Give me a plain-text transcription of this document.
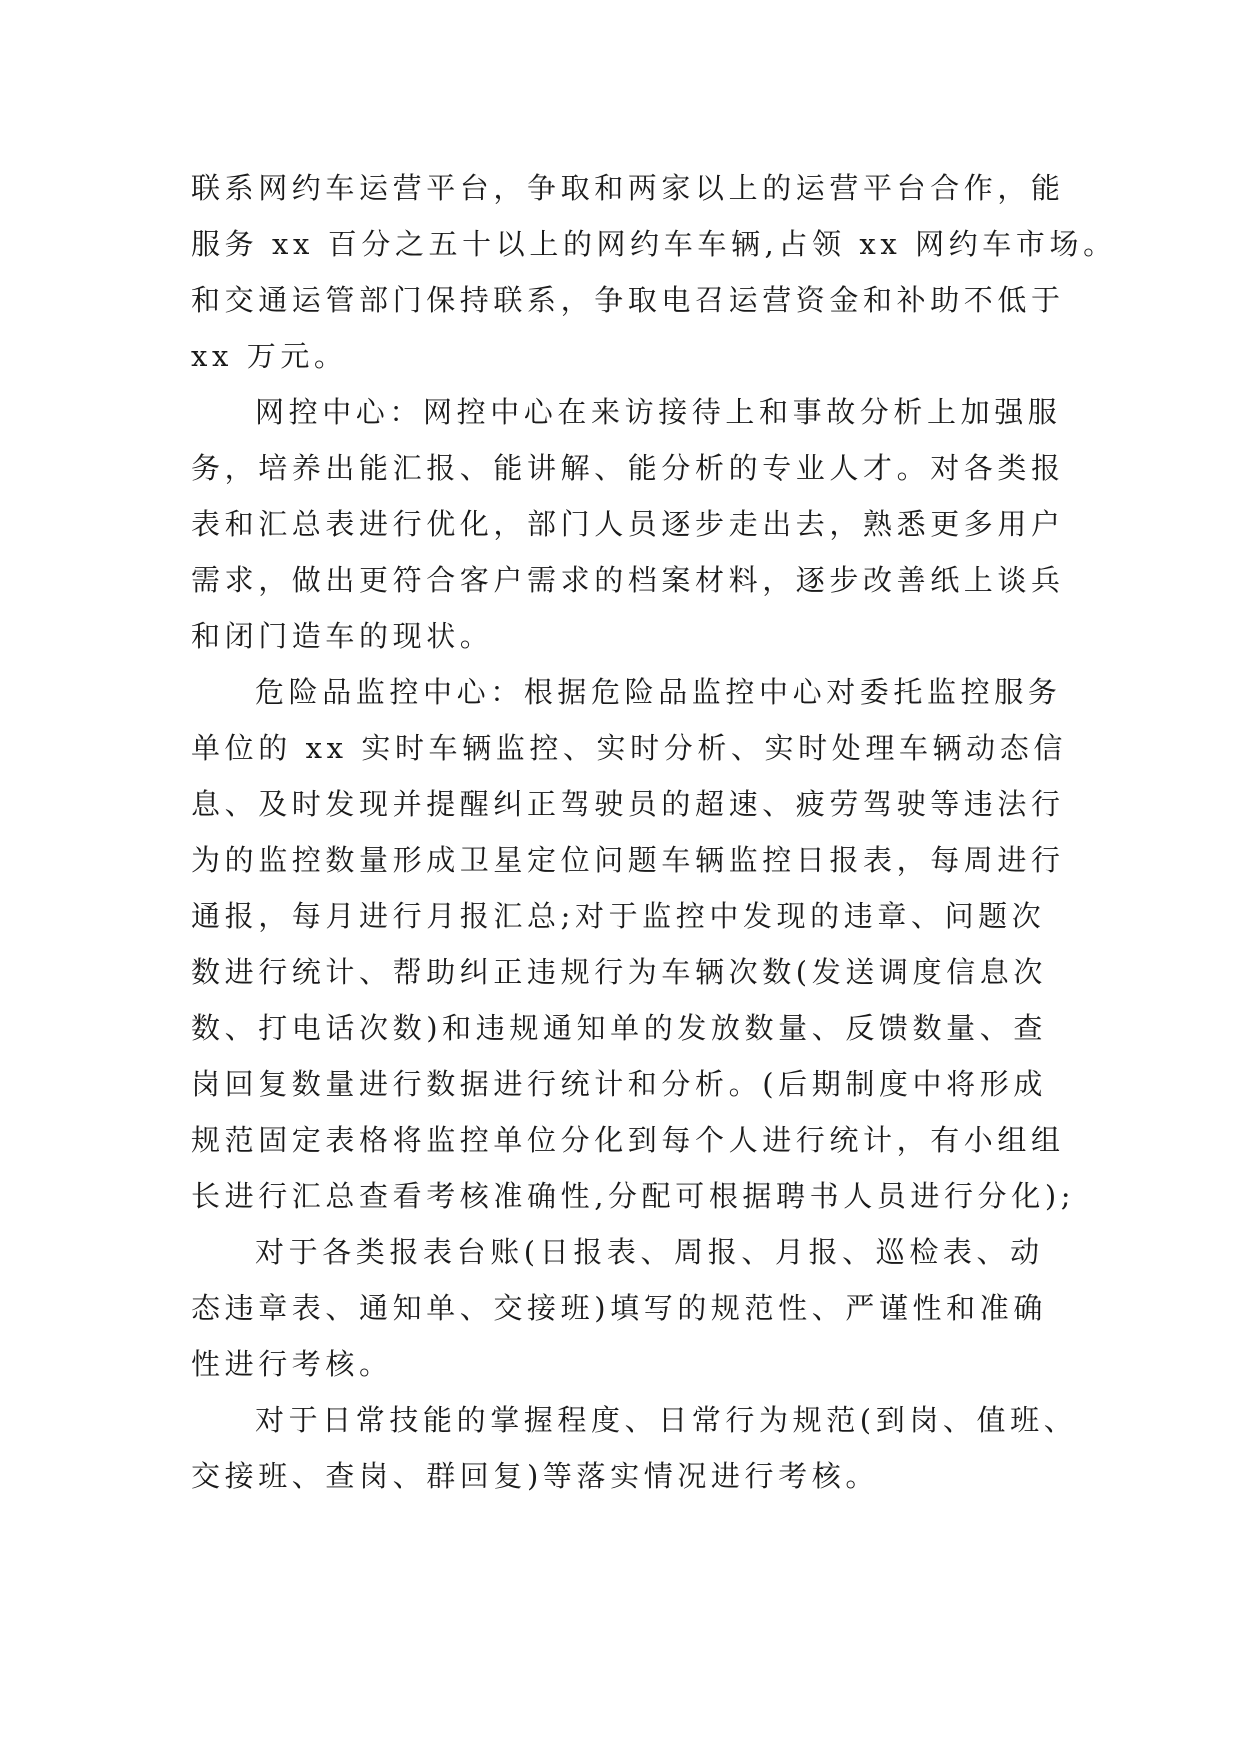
联系网约车运营平台，争取和两家以上的运营平台合作，能
服务 xx 百分之五十以上的网约车车辆,占领 xx 网约车市场。
和交通运管部门保持联系，争取电召运营资金和补助不低于
xx 万元。
网控中心：网控中心在来访接待上和事故分析上加强服
务，培养出能汇报、能讲解、能分析的专业人才。对各类报
表和汇总表进行优化，部门人员逐步走出去，熟悉更多用户
需求，做出更符合客户需求的档案材料，逐步改善纸上谈兵
和闭门造车的现状。
危险品监控中心：根据危险品监控中心对委托监控服务
单位的 xx 实时车辆监控、实时分析、实时处理车辆动态信
息、及时发现并提醒纠正驾驶员的超速、疲劳驾驶等违法行
为的监控数量形成卫星定位问题车辆监控日报表，每周进行
通报，每月进行月报汇总;对于监控中发现的违章、问题次
数进行统计、帮助纠正违规行为车辆次数(发送调度信息次
数、打电话次数)和违规通知单的发放数量、反馈数量、查
岗回复数量进行数据进行统计和分析。(后期制度中将形成
规范固定表格将监控单位分化到每个人进行统计，有小组组
长进行汇总查看考核准确性,分配可根据聘书人员进行分化);
对于各类报表台账(日报表、周报、月报、巡检表、动
态违章表、通知单、交接班)填写的规范性、严谨性和准确
性进行考核。
对于日常技能的掌握程度、日常行为规范(到岗、值班、
交接班、查岗、群回复)等落实情况进行考核。
